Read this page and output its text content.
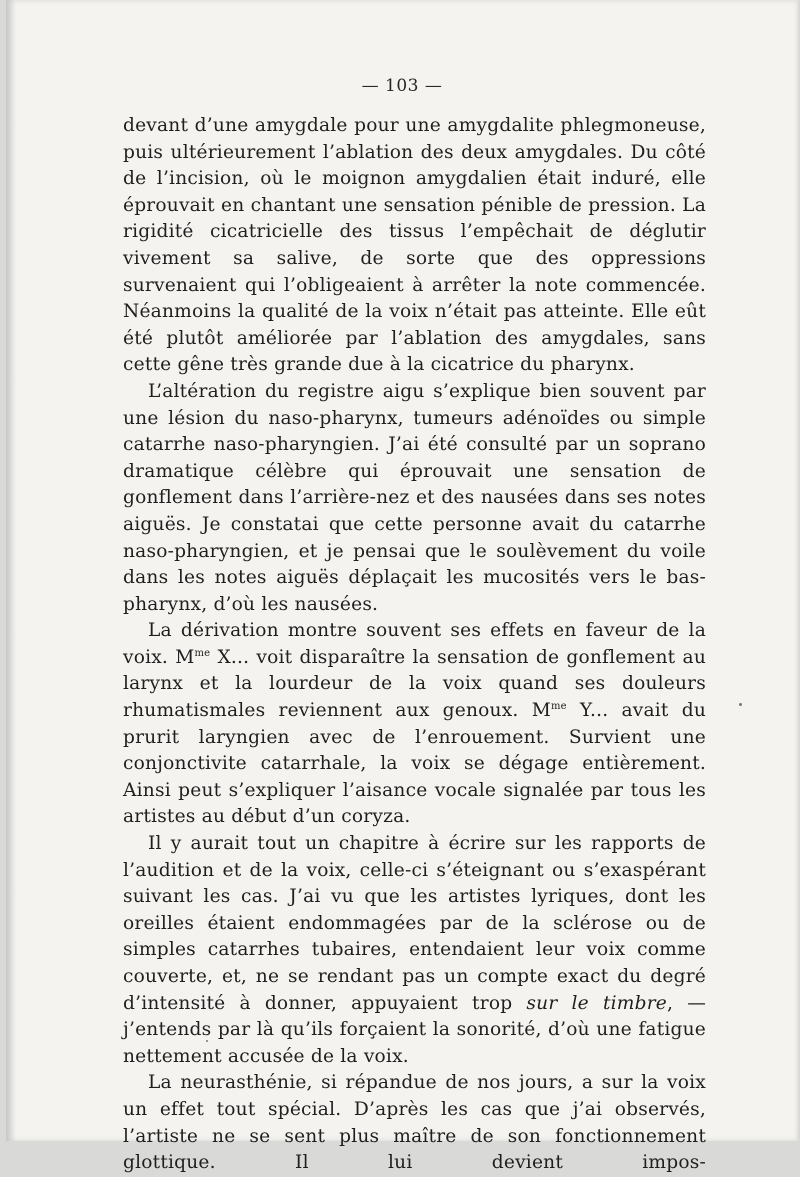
— 103 —

devant d’une amygdale pour une amygdalite phlegmoneuse, puis ultérieurement l’ablation des deux amygdales. Du côté de l’incision, où le moignon amygdalien était induré, elle éprouvait en chantant une sensation pénible de pression. La rigidité cicatricielle des tissus l’empêchait de déglutir vivement sa salive, de sorte que des oppressions survenaient qui l’obligeaient à arrêter la note commencée. Néanmoins la qualité de la voix n’était pas atteinte. Elle eût été plutôt améliorée par l’ablation des amygdales, sans cette gêne très grande due à la cicatrice du pharynx.

L’altération du registre aigu s’explique bien souvent par une lésion du naso-pharynx, tumeurs adénoïdes ou simple catarrhe naso-pharyngien. J’ai été consulté par un soprano dramatique célèbre qui éprouvait une sensation de gonflement dans l’arrière-nez et des nausées dans ses notes aiguës. Je constatai que cette personne avait du catarrhe naso-pharyngien, et je pensai que le soulèvement du voile dans les notes aiguës déplaçait les mucosités vers le bas-pharynx, d’où les nausées.

La dérivation montre souvent ses effets en faveur de la voix. $M^{me}$ X... voit disparaître la sensation de gonflement au larynx et la lourdeur de la voix quand ses douleurs rhumatismales reviennent aux genoux. $M^{me}$ Y... avait du prurit laryngien avec de l’enrouement. Survient une conjonctivite catarrhale, la voix se dégage entièrement. Ainsi peut s’expliquer l’aisance vocale signalée par tous les artistes au début d’un coryza.

Il y aurait tout un chapitre à écrire sur les rapports de l’audition et de la voix, celle-ci s’éteignant ou s’exaspérant suivant les cas. J’ai vu que les artistes lyriques, dont les oreilles étaient endommagées par de la sclérose ou de simples catarrhes tubaires, entendaient leur voix comme couverte, et, ne se rendant pas un compte exact du degré d’intensité à donner, appuyaient trop sur le timbre, — j’entends par là qu’ils forçaient la sonorité, d’où une fatigue nettement accusée de la voix.

La neurasthénie, si répandue de nos jours, a sur la voix un effet tout spécial. D’après les cas que j’ai observés, l’artiste ne se sent plus maître de son fonctionnement glottique. Il lui devient impos-
